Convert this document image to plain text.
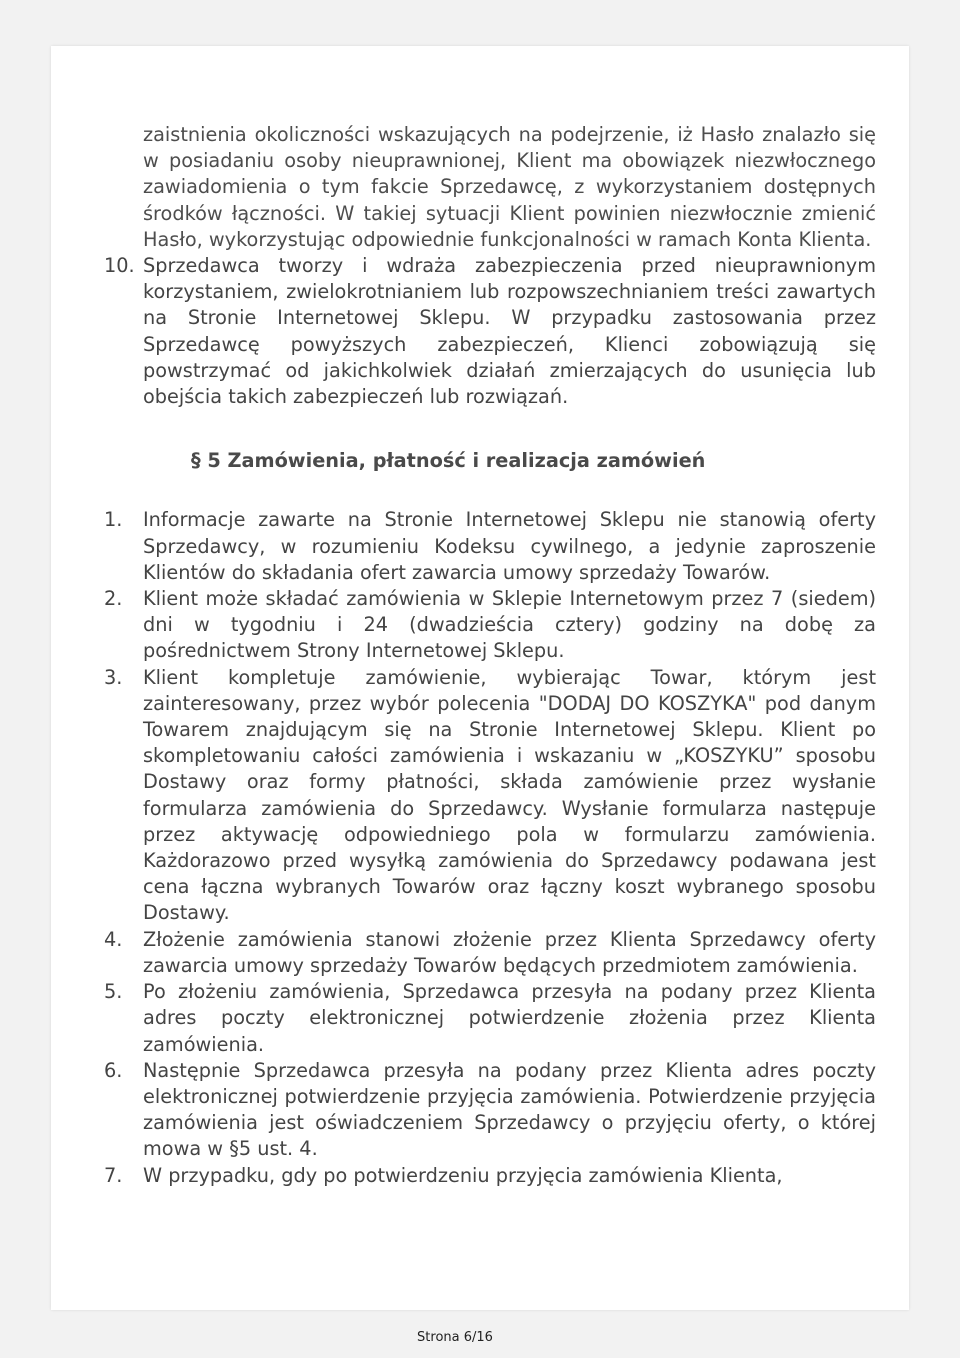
zaistnienia okoliczności wskazujących na podejrzenie, iż Hasło znalazło się w posiadaniu osoby nieuprawnionej, Klient ma obowiązek niezwłocznego zawiadomienia o tym fakcie Sprzedawcę, z wykorzystaniem dostępnych środków łączności. W takiej sytuacji Klient powinien niezwłocznie zmienić Hasło, wykorzystując odpowiednie funkcjonalności w ramach Konta Klienta.

10. Sprzedawca tworzy i wdraża zabezpieczenia przed nieuprawnionym korzystaniem, zwielokrotnianiem lub rozpowszechnianiem treści zawartych na Stronie Internetowej Sklepu. W przypadku zastosowania przez Sprzedawcę powyższych zabezpieczeń, Klienci zobowiązują się powstrzymać od jakichkolwiek działań zmierzających do usunięcia lub obejścia takich zabezpieczeń lub rozwiązań.

§ 5 Zamówienia, płatność i realizacja zamówień

1. Informacje zawarte na Stronie Internetowej Sklepu nie stanowią oferty Sprzedawcy, w rozumieniu Kodeksu cywilnego, a jedynie zaproszenie Klientów do składania ofert zawarcia umowy sprzedaży Towarów.

2. Klient może składać zamówienia w Sklepie Internetowym przez 7 (siedem) dni w tygodniu i 24 (dwadzieścia cztery) godziny na dobę za pośrednictwem Strony Internetowej Sklepu.

3. Klient kompletuje zamówienie, wybierając Towar, którym jest zainteresowany, przez wybór polecenia "DODAJ DO KOSZYKA" pod danym Towarem znajdującym się na Stronie Internetowej Sklepu. Klient po skompletowaniu całości zamówienia i wskazaniu w „KOSZYKU” sposobu Dostawy oraz formy płatności, składa zamówienie przez wysłanie formularza zamówienia do Sprzedawcy. Wysłanie formularza następuje przez aktywację odpowiedniego pola w formularzu zamówienia. Każdorazowo przed wysyłką zamówienia do Sprzedawcy podawana jest cena łączna wybranych Towarów oraz łączny koszt wybranego sposobu Dostawy.

4. Złożenie zamówienia stanowi złożenie przez Klienta Sprzedawcy oferty zawarcia umowy sprzedaży Towarów będących przedmiotem zamówienia.

5. Po złożeniu zamówienia, Sprzedawca przesyła na podany przez Klienta adres poczty elektronicznej potwierdzenie złożenia przez Klienta zamówienia.

6. Następnie Sprzedawca przesyła na podany przez Klienta adres poczty elektronicznej potwierdzenie przyjęcia zamówienia. Potwierdzenie przyjęcia zamówienia jest oświadczeniem Sprzedawcy o przyjęciu oferty, o której mowa w §5 ust. 4.

7. W przypadku, gdy po potwierdzeniu przyjęcia zamówienia Klienta,

Strona 6/16
